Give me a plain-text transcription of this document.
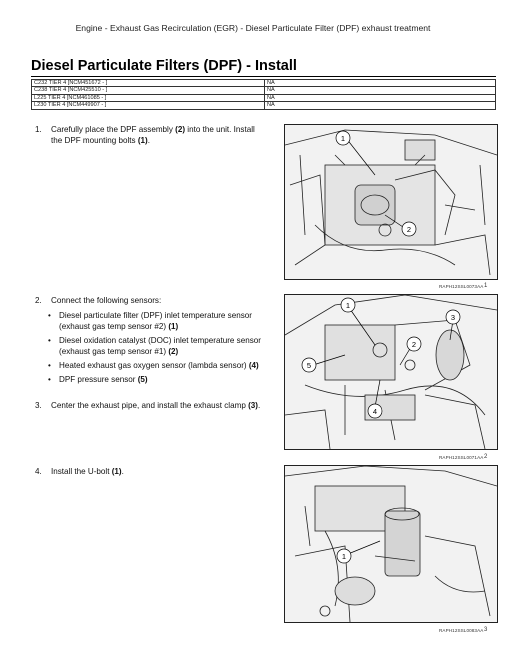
Engine - Exhaust Gas Recirculation (EGR) - Diesel Particulate Filter (DPF) exhaust treatment
Diesel Particulate Filters (DPF) - Install
C232 TIER 4 [NCM451672 - ]	NA
C238 TIER 4 [NCM425510 - ]	NA
L225 TIER 4 [NCM461085 - ]	NA
L230 TIER 4 [NCM449907 - ]	NA
1. Carefully place the DPF assembly (2) into the unit. Install the DPF mounting bolts (1).
2. Connect the following sensors:
• Diesel particulate filter (DPF) inlet temperature sensor (exhaust gas temp sensor #2) (1)
• Diesel oxidation catalyst (DOC) inlet temperature sensor (exhaust gas temp sensor #1) (2)
• Heated exhaust gas oxygen sensor (lambda sensor) (4)
• DPF pressure sensor (5)
3. Center the exhaust pipe, and install the exhaust clamp (3).
4. Install the U-bolt (1).
1
2
RAPH12SSL0073AA 1
1
2
3
4
5
RAPH12SSL0071AA 2
1
RAPH12SSL0083AA 3
